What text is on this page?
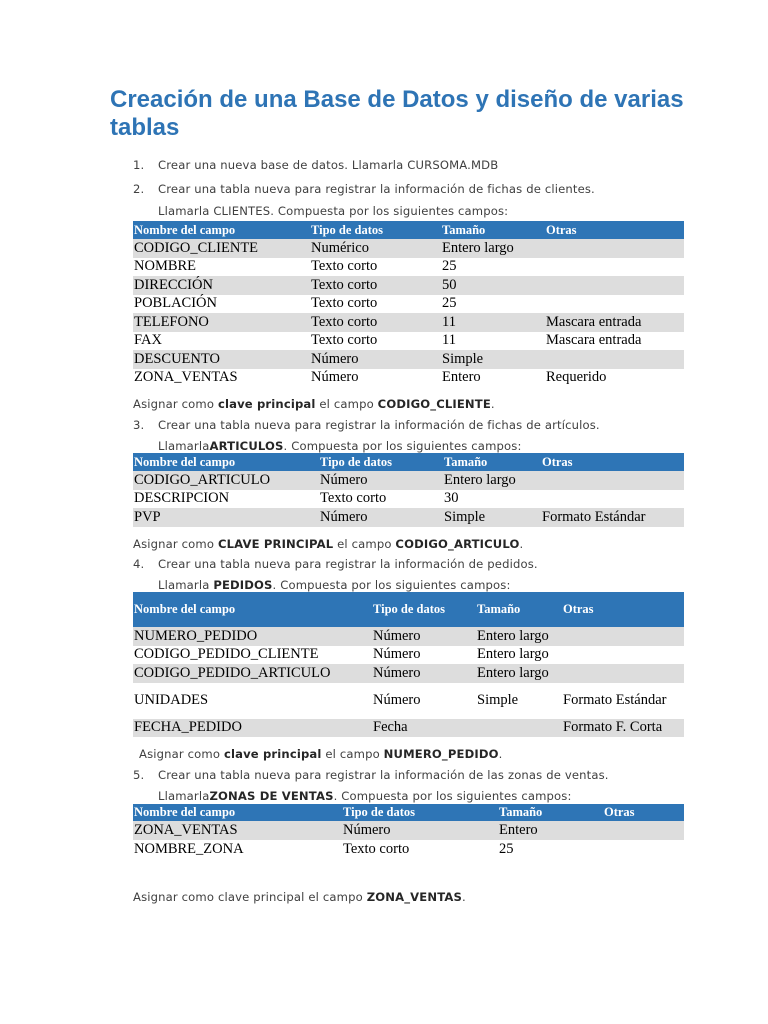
Creación de una Base de Datos y diseño de varias tablas
1. Crear una nueva base de datos. Llamarla CURSOMA.MDB
2. Crear una tabla nueva para registrar la información de fichas de clientes.
Llamarla CLIENTES. Compuesta por los siguientes campos:
Nombre del campo	Tipo de datos	Tamaño	Otras
CODIGO_CLIENTE	Numérico	Entero largo	
NOMBRE	Texto corto	25	
DIRECCIÓN	Texto corto	50	
POBLACIÓN	Texto corto	25	
TELEFONO	Texto corto	11	Mascara entrada
FAX	Texto corto	11	Mascara entrada
DESCUENTO	Número	Simple	
ZONA_VENTAS	Número	Entero	Requerido
Asignar como clave principal el campo CODIGO_CLIENTE.
3. Crear una tabla nueva para registrar la información de fichas de artículos.
LlamarlaARTICULOS. Compuesta por los siguientes campos:
Nombre del campo	Tipo de datos	Tamaño	Otras
CODIGO_ARTICULO	Número	Entero largo	
DESCRIPCION	Texto corto	30	
PVP	Número	Simple	Formato Estándar
Asignar como CLAVE PRINCIPAL el campo CODIGO_ARTICULO.
4. Crear una tabla nueva para registrar la información de pedidos.
Llamarla PEDIDOS. Compuesta por los siguientes campos:
Nombre del campo	Tipo de datos	Tamaño	Otras
NUMERO_PEDIDO	Número	Entero largo	
CODIGO_PEDIDO_CLIENTE	Número	Entero largo	
CODIGO_PEDIDO_ARTICULO	Número	Entero largo	
UNIDADES	Número	Simple	Formato Estándar
FECHA_PEDIDO	Fecha		Formato F. Corta
Asignar como clave principal el campo NUMERO_PEDIDO.
5. Crear una tabla nueva para registrar la información de las zonas de ventas.
LlamarlaZONAS DE VENTAS. Compuesta por los siguientes campos:
Nombre del campo	Tipo de datos	Tamaño	Otras
ZONA_VENTAS	Número	Entero	
NOMBRE_ZONA	Texto corto	25	
Asignar como clave principal el campo ZONA_VENTAS.
